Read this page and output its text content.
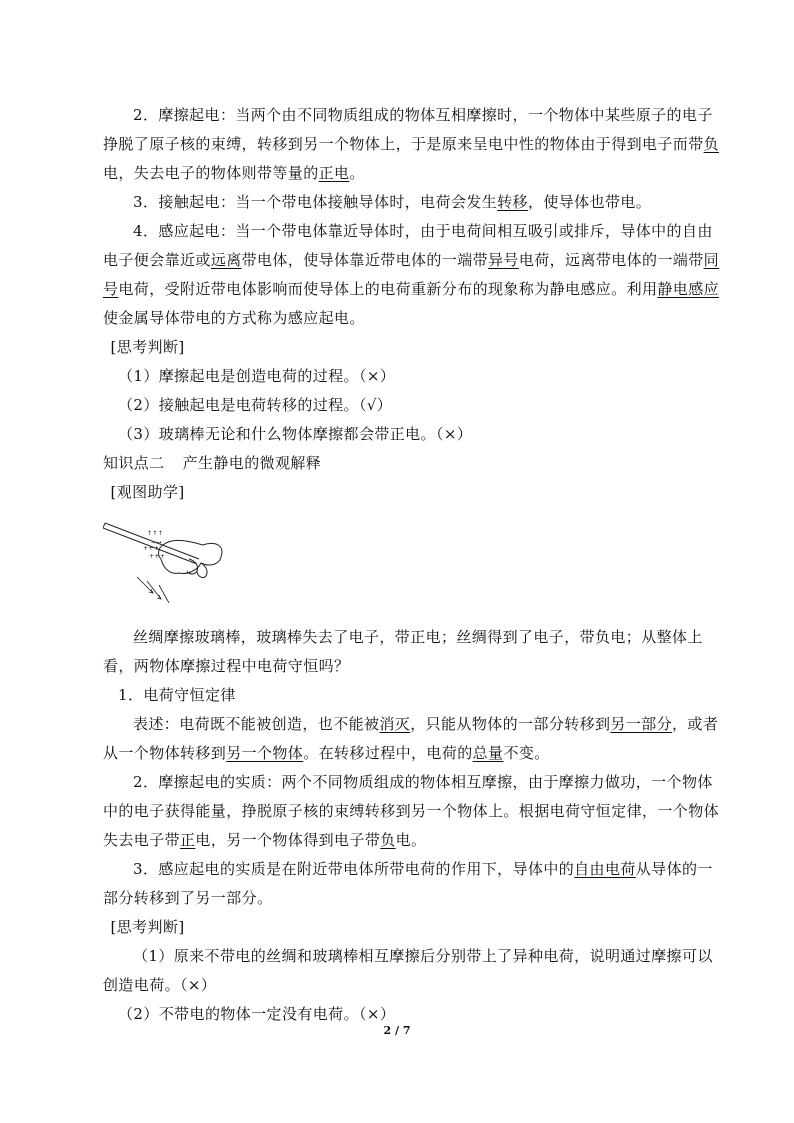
2．摩擦起电：当两个由不同物质组成的物体互相摩擦时，一个物体中某些原子的电子挣脱了原子核的束缚，转移到另一个物体上，于是原来呈电中性的物体由于得到电子而带负电，失去电子的物体则带等量的正电。

3．接触起电：当一个带电体接触导体时，电荷会发生转移，使导体也带电。

4．感应起电：当一个带电体靠近导体时，由于电荷间相互吸引或排斥，导体中的自由电子便会靠近或远离带电体，使导体靠近带电体的一端带异号电荷，远离带电体的一端带同号电荷，受附近带电体影响而使导体上的电荷重新分布的现象称为静电感应。利用静电感应使金属导体带电的方式称为感应起电。

[思考判断]

（1）摩擦起电是创造电荷的过程。（×）

（2）接触起电是电荷转移的过程。（√）

（3）玻璃棒无论和什么物体摩擦都会带正电。（×）

知识点二 产生静电的微观解释

[观图助学]

↑↑↑
→→
+++
+++

丝绸摩擦玻璃棒，玻璃棒失去了电子，带正电；丝绸得到了电子，带负电；从整体上看，两物体摩擦过程中电荷守恒吗？

1．电荷守恒定律

表述：电荷既不能被创造，也不能被消灭，只能从物体的一部分转移到另一部分，或者从一个物体转移到另一个物体。在转移过程中，电荷的总量不变。

2．摩擦起电的实质：两个不同物质组成的物体相互摩擦，由于摩擦力做功，一个物体中的电子获得能量，挣脱原子核的束缚转移到另一个物体上。根据电荷守恒定律，一个物体失去电子带正电，另一个物体得到电子带负电。

3．感应起电的实质是在附近带电体所带电荷的作用下，导体中的自由电荷从导体的一部分转移到了另一部分。

[思考判断]

（1）原来不带电的丝绸和玻璃棒相互摩擦后分别带上了异种电荷，说明通过摩擦可以创造电荷。（×）

（2）不带电的物体一定没有电荷。（×）

2 / 7
